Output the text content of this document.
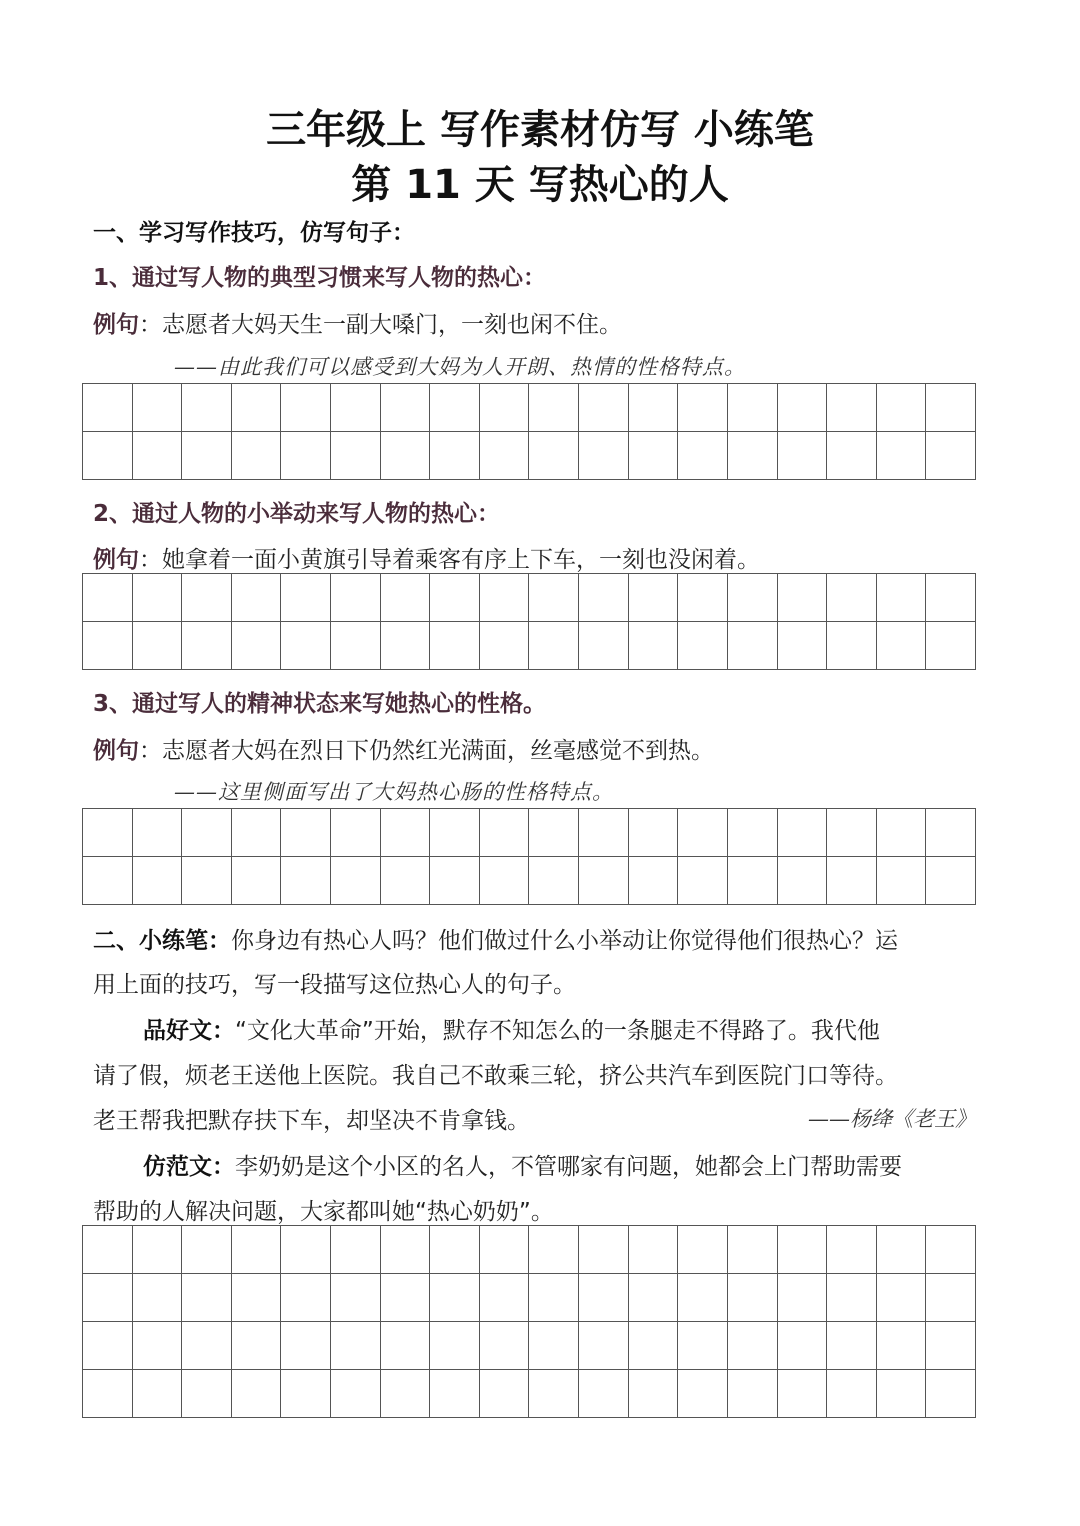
三年级上 写作素材仿写 小练笔
第 11 天 写热心的人
一、学习写作技巧，仿写句子：
1、通过写人物的典型习惯来写人物的热心：
例句：志愿者大妈天生一副大嗓门，一刻也闲不住。
——由此我们可以感受到大妈为人开朗、热情的性格特点。
2、通过人物的小举动来写人物的热心：
例句：她拿着一面小黄旗引导着乘客有序上下车，一刻也没闲着。
3、通过写人的精神状态来写她热心的性格。
例句：志愿者大妈在烈日下仍然红光满面，丝毫感觉不到热。
——这里侧面写出了大妈热心肠的性格特点。
二、小练笔：你身边有热心人吗？他们做过什么小举动让你觉得他们很热心？运
用上面的技巧，写一段描写这位热心人的句子。
品好文：“文化大革命”开始，默存不知怎么的一条腿走不得路了。我代他
请了假，烦老王送他上医院。我自己不敢乘三轮，挤公共汽车到医院门口等待。
老王帮我把默存扶下车，却坚决不肯拿钱。	——杨绛《老王》
仿范文：李奶奶是这个小区的名人，不管哪家有问题，她都会上门帮助需要
帮助的人解决问题，大家都叫她“热心奶奶”。
